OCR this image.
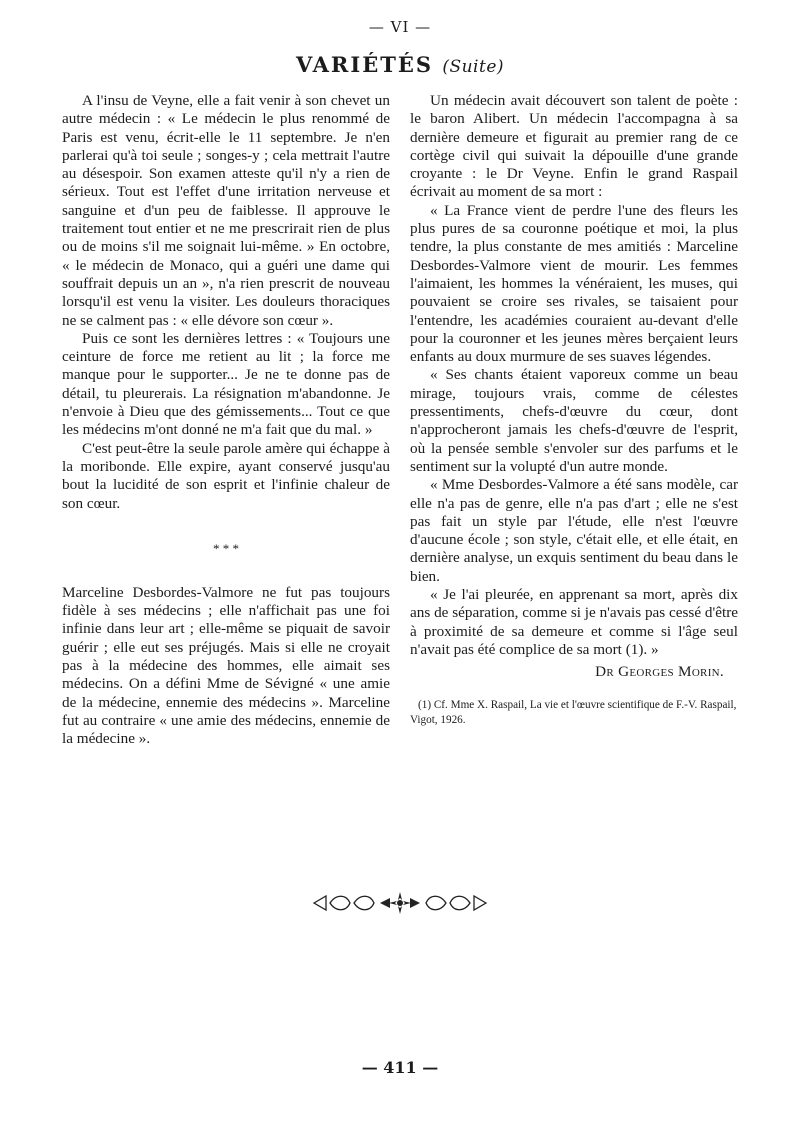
— VI —
VARIÉTÉS (Suite)

A l'insu de Veyne, elle a fait venir à son chevet un autre médecin : « Le médecin le plus renommé de Paris est venu, écrit-elle le 11 septembre. Je n'en parlerai qu'à toi seule ; songes-y ; cela mettrait l'autre au désespoir. Son examen atteste qu'il n'y a rien de sérieux. Tout est l'effet d'une irritation nerveuse et sanguine et d'un peu de faiblesse. Il approuve le traitement tout entier et ne me prescrirait rien de plus ou de moins s'il me soignait lui-même. » En octobre, « le médecin de Monaco, qui a guéri une dame qui souffrait depuis un an », n'a rien prescrit de nouveau lorsqu'il est venu la visiter. Les douleurs thoraciques ne se calment pas : « elle dévore son cœur ».

Puis ce sont les dernières lettres : « Toujours une ceinture de force me retient au lit ; la force me manque pour le supporter... Je ne te donne pas de détail, tu pleurerais. La résignation m'abandonne. Je n'envoie à Dieu que des gémissements... Tout ce que les médecins m'ont donné ne m'a fait que du mal. »

C'est peut-être la seule parole amère qui échappe à la moribonde. Elle expire, ayant conservé jusqu'au bout la lucidité de son esprit et l'infinie chaleur de son cœur.

* * *

Marceline Desbordes-Valmore ne fut pas toujours fidèle à ses médecins ; elle n'affichait pas une foi infinie dans leur art ; elle-même se piquait de savoir guérir ; elle eut ses préjugés. Mais si elle ne croyait pas à la médecine des hommes, elle aimait ses médecins. On a défini Mme de Sévigné « une amie de la médecine, ennemie des médecins ». Marceline fut au contraire « une amie des médecins, ennemie de la médecine ».

Un médecin avait découvert son talent de poète : le baron Alibert. Un médecin l'accompagna à sa dernière demeure et figurait au premier rang de ce cortège civil qui suivait la dépouille d'une grande croyante : le Dr Veyne. Enfin le grand Raspail écrivait au moment de sa mort :

« La France vient de perdre l'une des fleurs les plus pures de sa couronne poétique et moi, la plus tendre, la plus constante de mes amitiés : Marceline Desbordes-Valmore vient de mourir. Les femmes l'aimaient, les hommes la vénéraient, les muses, qui pouvaient se croire ses rivales, se taisaient pour l'entendre, les académies couraient au-devant d'elle pour la couronner et les jeunes mères berçaient leurs enfants au doux murmure de ses suaves légendes.

« Ses chants étaient vaporeux comme un beau mirage, toujours vrais, comme de célestes pressentiments, chefs-d'œuvre du cœur, dont n'approcheront jamais les chefs-d'œuvre de l'esprit, où la pensée semble s'envoler sur des parfums et le sentiment sur la volupté d'un autre monde.

« Mme Desbordes-Valmore a été sans modèle, car elle n'a pas de genre, elle n'a pas d'art ; elle ne s'est pas fait un style par l'étude, elle n'est l'œuvre d'aucune école ; son style, c'était elle, et elle était, en dernière analyse, un exquis sentiment du beau dans le bien.

« Je l'ai pleurée, en apprenant sa mort, après dix ans de séparation, comme si je n'avais pas cessé d'être à proximité de sa demeure et comme si l'âge seul n'avait pas été complice de sa mort (1). »

Dr Georges Morin.
(1) Cf. Mme X. Raspail, La vie et l'œuvre scientifique de F.-V. Raspail, Vigot, 1926.
— 411 —
